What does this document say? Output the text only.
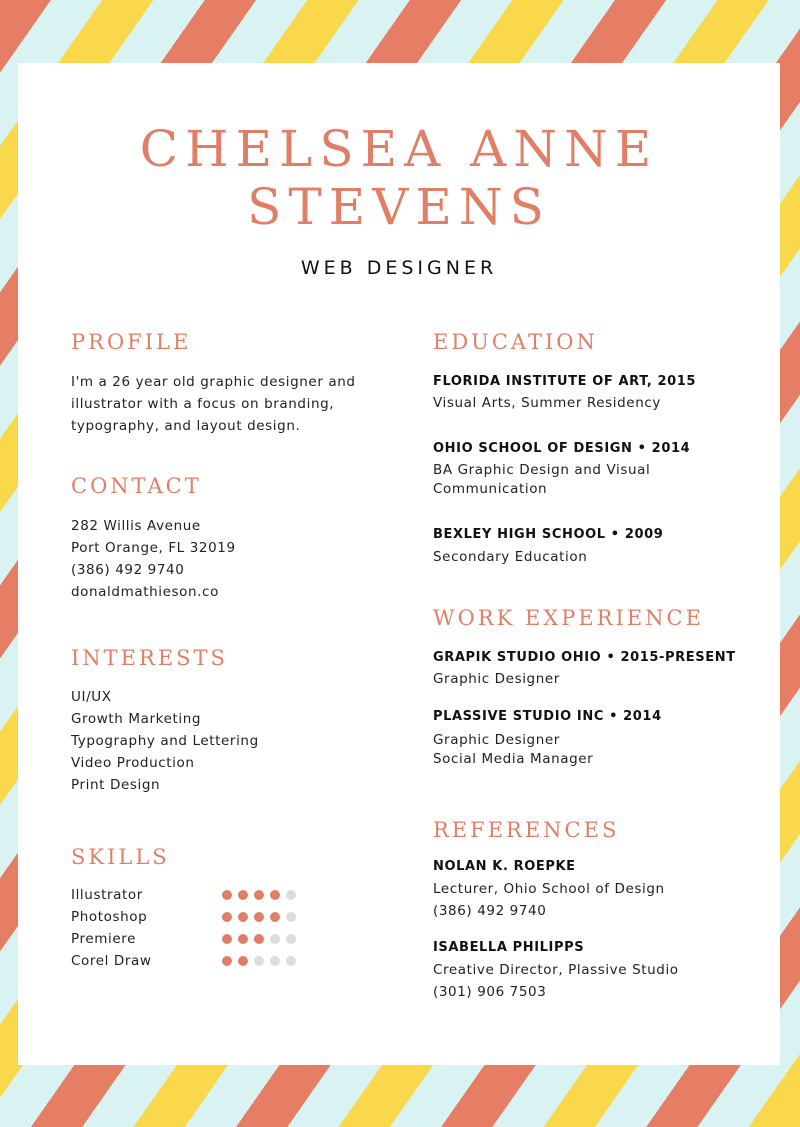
CHELSEA ANNE
STEVENS
WEB DESIGNER
PROFILE
I'm a 26 year old graphic designer and
illustrator with a focus on branding,
typography, and layout design.
CONTACT
282 Willis Avenue
Port Orange, FL 32019
(386) 492 9740
donaldmathieson.co
INTERESTS
UI/UX
Growth Marketing
Typography and Lettering
Video Production
Print Design
SKILLS
Illustrator
Photoshop
Premiere
Corel Draw
EDUCATION
FLORIDA INSTITUTE OF ART, 2015
Visual Arts, Summer Residency
OHIO SCHOOL OF DESIGN • 2014
BA Graphic Design and Visual
Communication
BEXLEY HIGH SCHOOL • 2009
Secondary Education
WORK EXPERIENCE
GRAPIK STUDIO OHIO • 2015-PRESENT
Graphic Designer
PLASSIVE STUDIO INC • 2014
Graphic Designer
Social Media Manager
REFERENCES
NOLAN K. ROEPKE
Lecturer, Ohio School of Design
(386) 492 9740
ISABELLA PHILIPPS
Creative Director, Plassive Studio
(301) 906 7503
